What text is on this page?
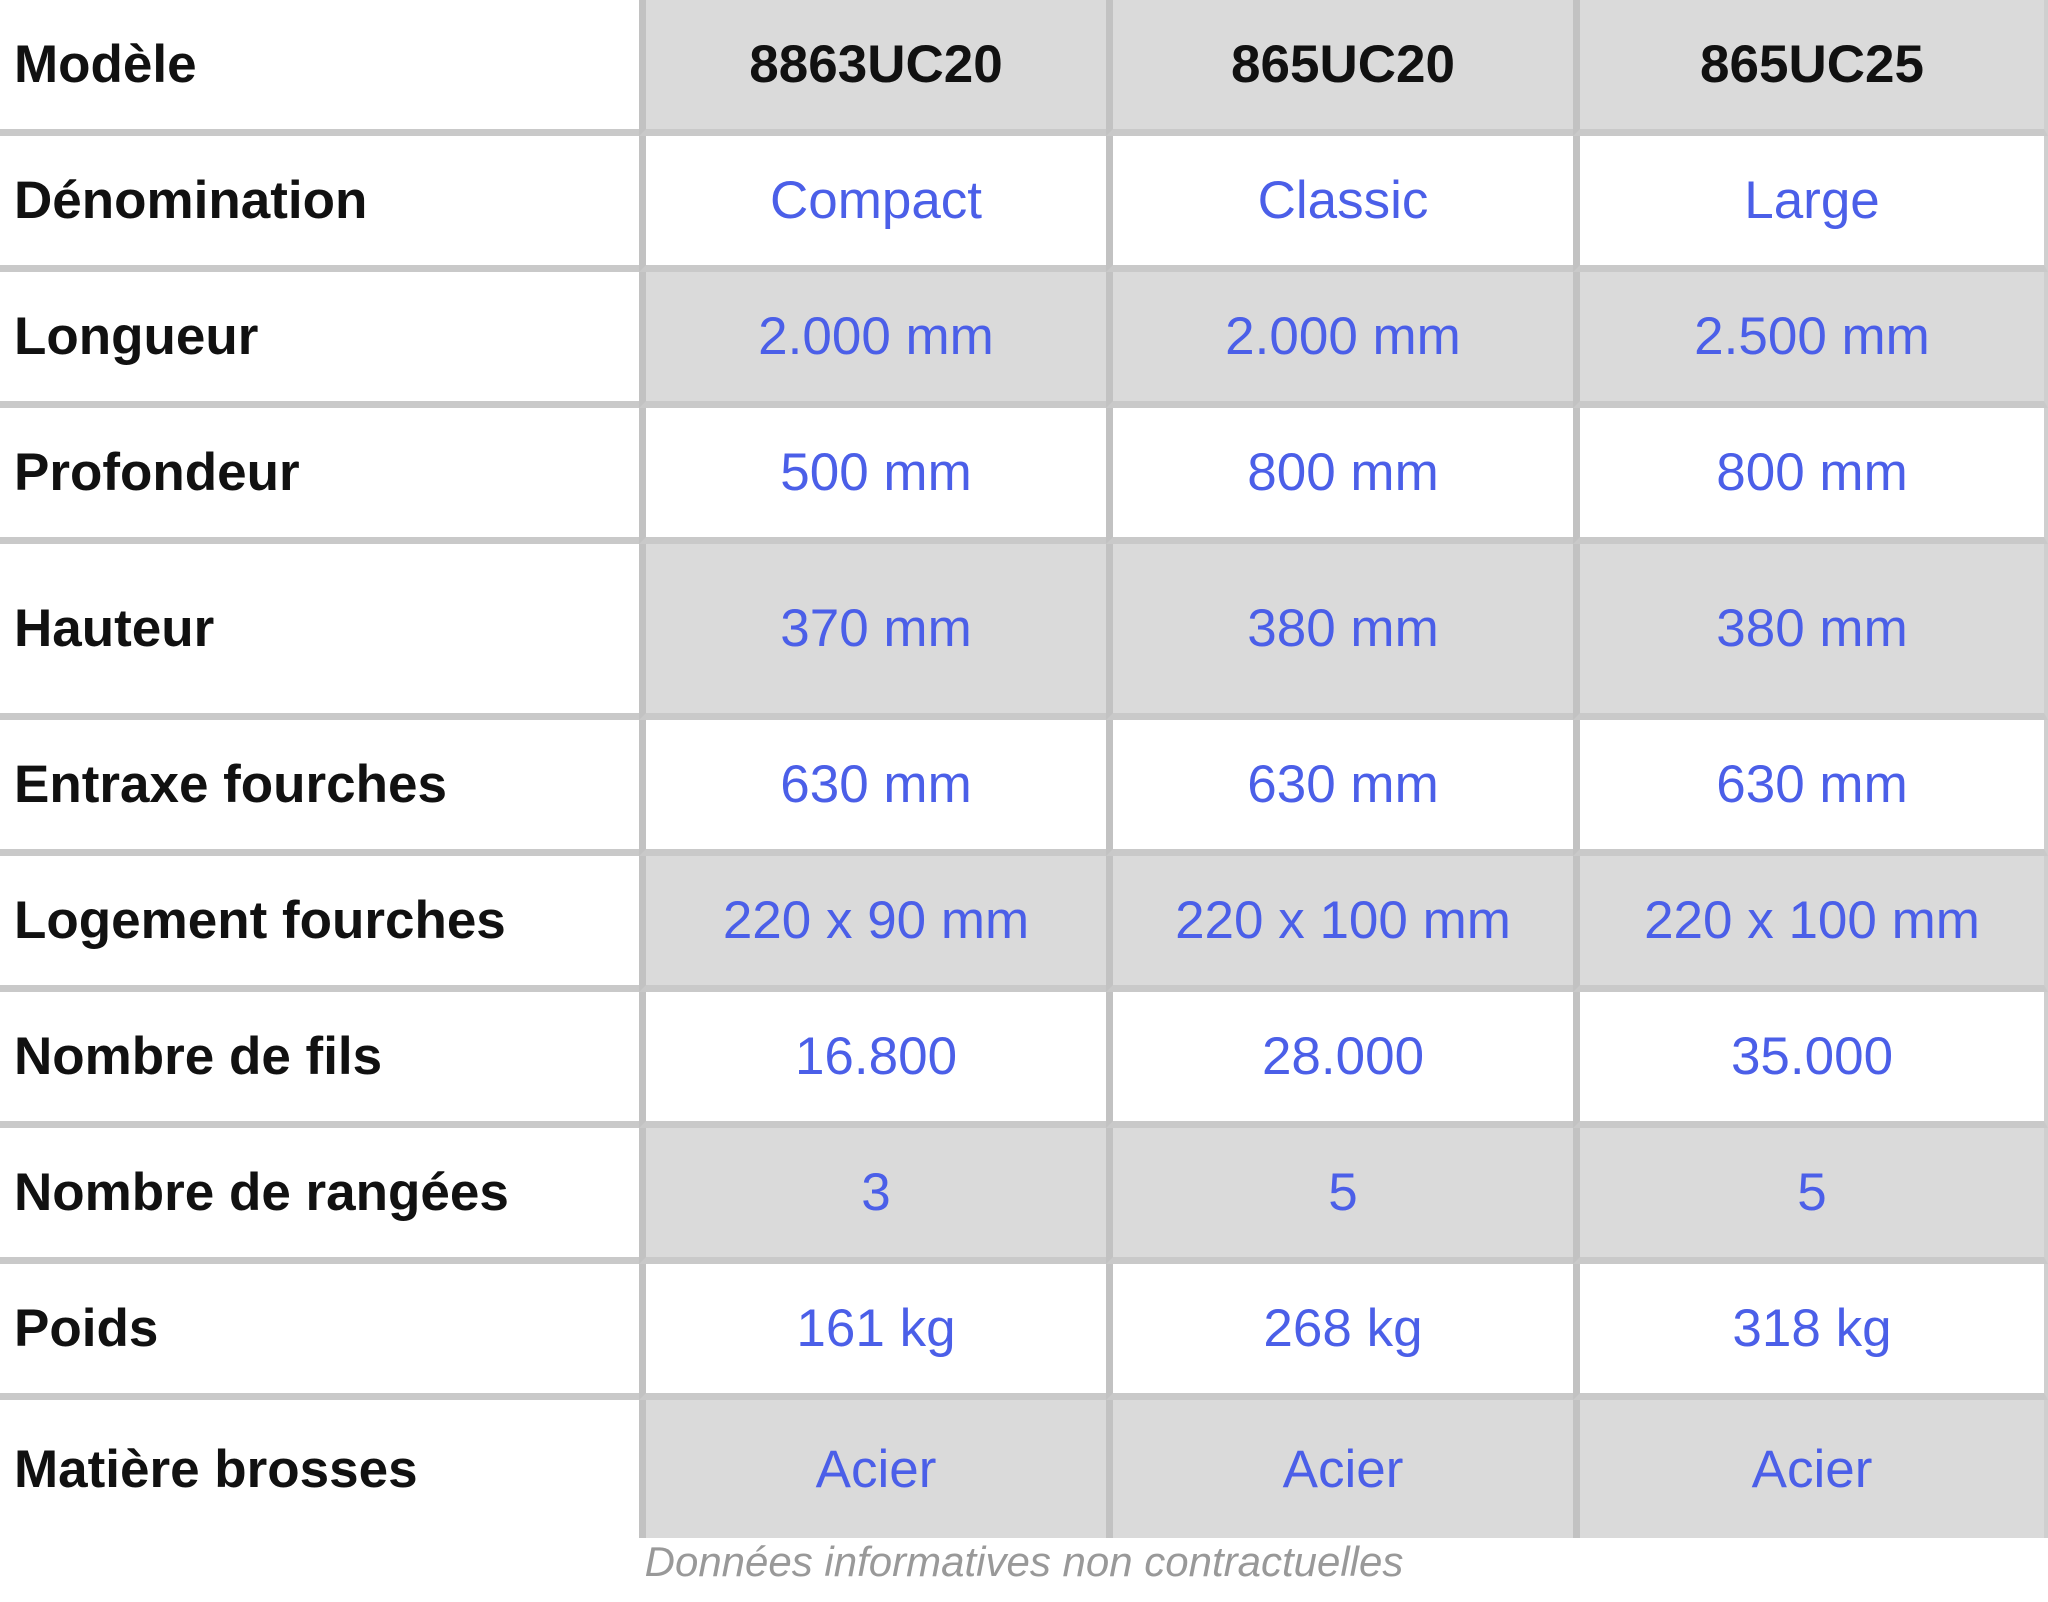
Modèle	8863UC20	865UC20	865UC25
Dénomination	Compact	Classic	Large
Longueur	2.000 mm	2.000 mm	2.500 mm
Profondeur	500 mm	800 mm	800 mm
Hauteur	370 mm	380 mm	380 mm
Entraxe fourches	630 mm	630 mm	630 mm
Logement fourches	220 x 90 mm	220 x 100 mm	220 x 100 mm
Nombre de fils	16.800	28.000	35.000
Nombre de rangées	3	5	5
Poids	161 kg	268 kg	318 kg
Matière brosses	Acier	Acier	Acier
Données informatives non contractuelles
